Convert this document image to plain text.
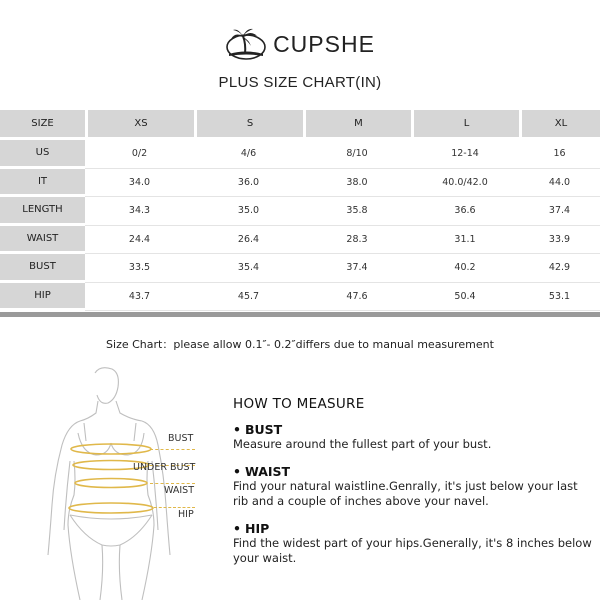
CUPSHE
PLUS SIZE CHART(IN)
SIZE	XS	S	M	L	XL
US	0/2	4/6	8/10	12-14	16
IT	34.0	36.0	38.0	40.0/42.0	44.0
LENGTH	34.3	35.0	35.8	36.6	37.4
WAIST	24.4	26.4	28.3	31.1	33.9
BUST	33.5	35.4	37.4	40.2	42.9
HIP	43.7	45.7	47.6	50.4	53.1
Size Chart：please allow 0.1″- 0.2″differs due to manual measurement
BUST
UNDER BUST
WAIST
HIP
HOW TO MEASURE
• BUST
Measure around the fullest part of your bust.
• WAIST
Find your natural waistline.Genrally, it's just below your last rib and a couple of inches above your navel.
• HIP
Find the widest part of your hips.Generally, it's 8 inches below your waist.
